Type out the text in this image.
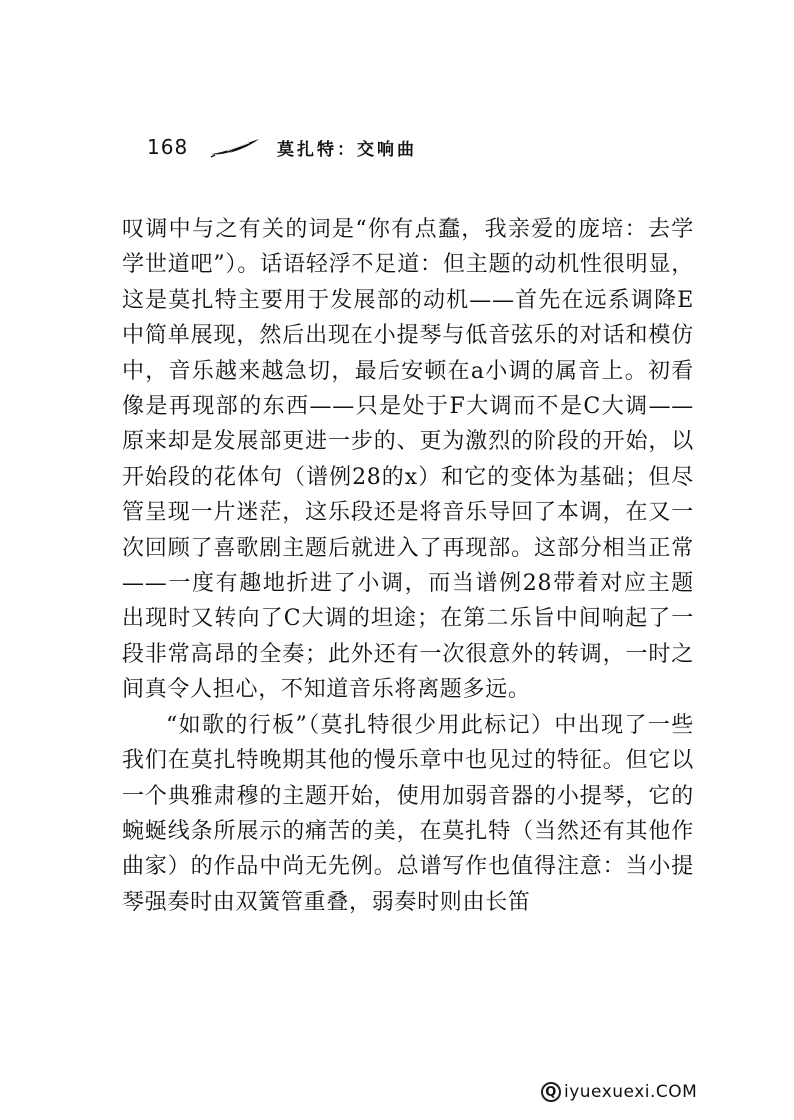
168	莫扎特：交响曲

叹调中与之有关的词是“你有点蠢，我亲爱的庞培：去学学世道吧”）。话语轻浮不足道：但主题的动机性很明显，这是莫扎特主要用于发展部的动机——首先在远系调降E中简单展现，然后出现在小提琴与低音弦乐的对话和模仿中，音乐越来越急切，最后安顿在a小调的属音上。初看像是再现部的东西——只是处于F大调而不是C大调——原来却是发展部更进一步的、更为激烈的阶段的开始，以开始段的花体句（谱例28的x）和它的变体为基础；但尽管呈现一片迷茫，这乐段还是将音乐导回了本调，在又一次回顾了喜歌剧主题后就进入了再现部。这部分相当正常——一度有趣地折进了小调，而当谱例28带着对应主题出现时又转向了C大调的坦途；在第二乐旨中间响起了一段非常高昂的全奏；此外还有一次很意外的转调，一时之间真令人担心，不知道音乐将离题多远。

“如歌的行板”（莫扎特很少用此标记）中出现了一些我们在莫扎特晚期其他的慢乐章中也见过的特征。但它以一个典雅肃穆的主题开始，使用加弱音器的小提琴，它的蜿蜒线条所展示的痛苦的美，在莫扎特（当然还有其他作曲家）的作品中尚无先例。总谱写作也值得注意：当小提琴强奏时由双簧管重叠，弱奏时则由长笛

Q iyuexuexi.COM
